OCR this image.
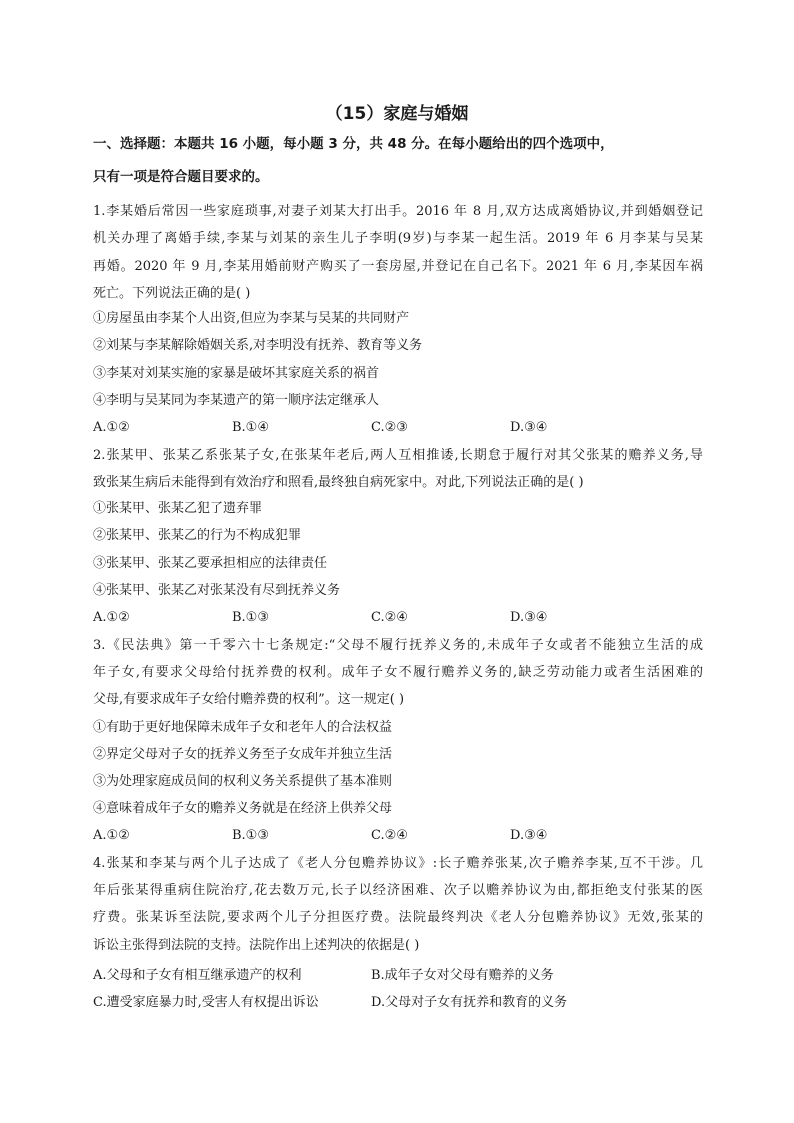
（15）家庭与婚姻
一、选择题：本题共 16 小题，每小题 3 分，共 48 分。在每小题给出的四个选项中，
只有一项是符合题目要求的。
1.李某婚后常因一些家庭琐事,对妻子刘某大打出手。2016 年 8 月,双方达成离婚协议,并到婚姻登记
机关办理了离婚手续,李某与刘某的亲生儿子李明(9岁)与李某一起生活。2019 年 6 月李某与吴某
再婚。2020 年 9 月,李某用婚前财产购买了一套房屋,并登记在自己名下。2021 年 6 月,李某因车祸
死亡。下列说法正确的是( )
①房屋虽由李某个人出资,但应为李某与吴某的共同财产
②刘某与李某解除婚姻关系,对李明没有抚养、教育等义务
③李某对刘某实施的家暴是破坏其家庭关系的祸首
④李明与吴某同为李某遗产的第一顺序法定继承人
A.①②	B.①④	C.②③	D.③④
2.张某甲、张某乙系张某子女,在张某年老后,两人互相推诿,长期怠于履行对其父张某的赡养义务,导
致张某生病后未能得到有效治疗和照看,最终独自病死家中。对此,下列说法正确的是( )
①张某甲、张某乙犯了遗弃罪
②张某甲、张某乙的行为不构成犯罪
③张某甲、张某乙要承担相应的法律责任
④张某甲、张某乙对张某没有尽到抚养义务
A.①②	B.①③	C.②④	D.③④
3.《民法典》第一千零六十七条规定:“父母不履行抚养义务的,未成年子女或者不能独立生活的成
年子女,有要求父母给付抚养费的权利。成年子女不履行赡养义务的,缺乏劳动能力或者生活困难的
父母,有要求成年子女给付赡养费的权利”。这一规定( )
①有助于更好地保障未成年子女和老年人的合法权益
②界定父母对子女的抚养义务至子女成年并独立生活
③为处理家庭成员间的权利义务关系提供了基本准则
④意味着成年子女的赡养义务就是在经济上供养父母
A.①②	B.①③	C.②④	D.③④
4.张某和李某与两个儿子达成了《老人分包赡养协议》:长子赡养张某,次子赡养李某,互不干涉。几
年后张某得重病住院治疗,花去数万元,长子以经济困难、次子以赡养协议为由,都拒绝支付张某的医
疗费。张某诉至法院,要求两个儿子分担医疗费。法院最终判决《老人分包赡养协议》无效,张某的
诉讼主张得到法院的支持。法院作出上述判决的依据是( )
A.父母和子女有相互继承遗产的权利	B.成年子女对父母有赡养的义务
C.遭受家庭暴力时,受害人有权提出诉讼	D.父母对子女有抚养和教育的义务
